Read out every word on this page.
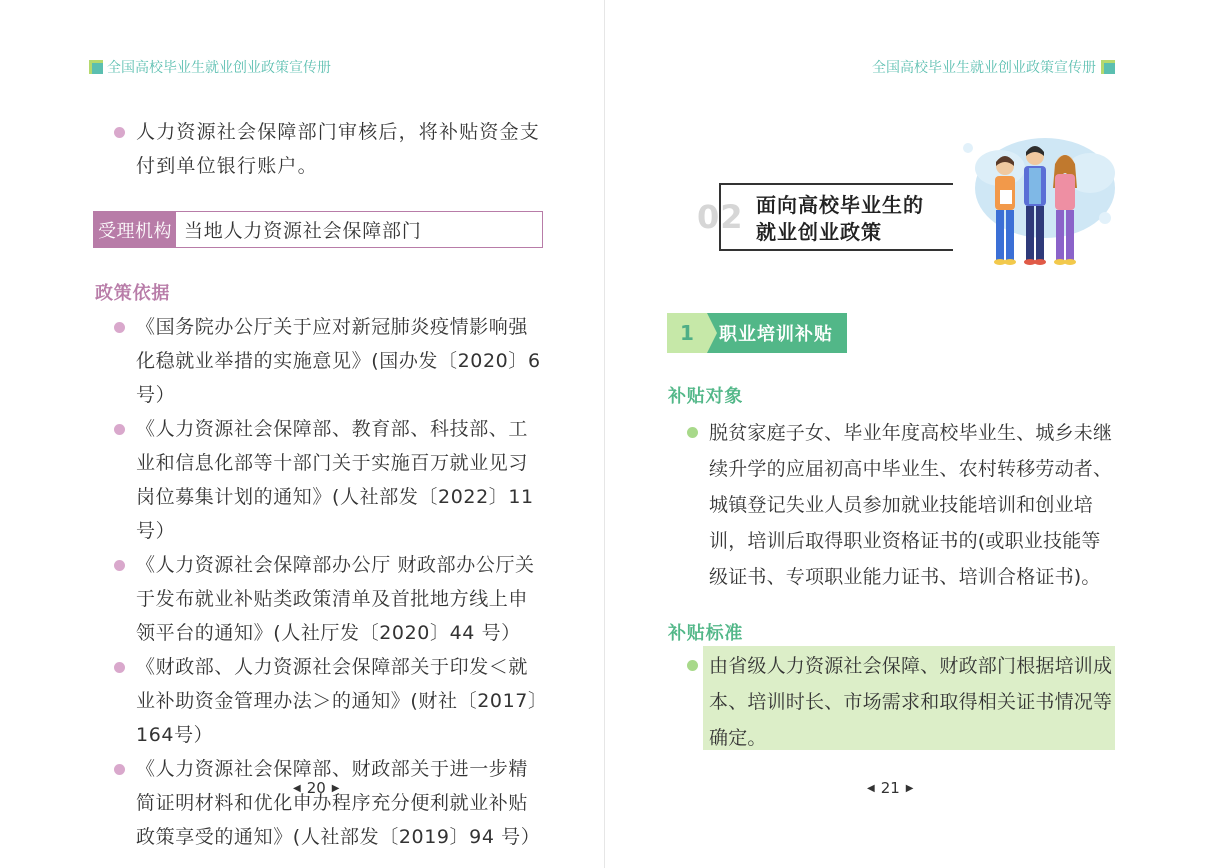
全国高校毕业生就业创业政策宣传册
人力资源社会保障部门审核后，将补贴资金支付到单位银行账户。
受理机构 当地人力资源社会保障部门
政策依据
《国务院办公厅关于应对新冠肺炎疫情影响强化稳就业举措的实施意见》(国办发〔2020〕6 号）
《人力资源社会保障部、教育部、科技部、工业和信息化部等十部门关于实施百万就业见习岗位募集计划的通知》(人社部发〔2022〕11 号）
《人力资源社会保障部办公厅 财政部办公厅关于发布就业补贴类政策清单及首批地方线上申领平台的通知》(人社厅发〔2020〕44 号）
《财政部、人力资源社会保障部关于印发＜就业补助资金管理办法＞的通知》(财社〔2017〕164号）
《人力资源社会保障部、财政部关于进一步精简证明材料和优化申办程序充分便利就业补贴政策享受的通知》(人社部发〔2019〕94 号）
◀ 20 ▶
全国高校毕业生就业创业政策宣传册
02 面向高校毕业生的
就业创业政策
1	职业培训补贴
补贴对象
脱贫家庭子女、毕业年度高校毕业生、城乡未继续升学的应届初高中毕业生、农村转移劳动者、城镇登记失业人员参加就业技能培训和创业培训，培训后取得职业资格证书的(或职业技能等级证书、专项职业能力证书、培训合格证书)。
补贴标准
由省级人力资源社会保障、财政部门根据培训成本、培训时长、市场需求和取得相关证书情况等确定。
◀ 21 ▶
